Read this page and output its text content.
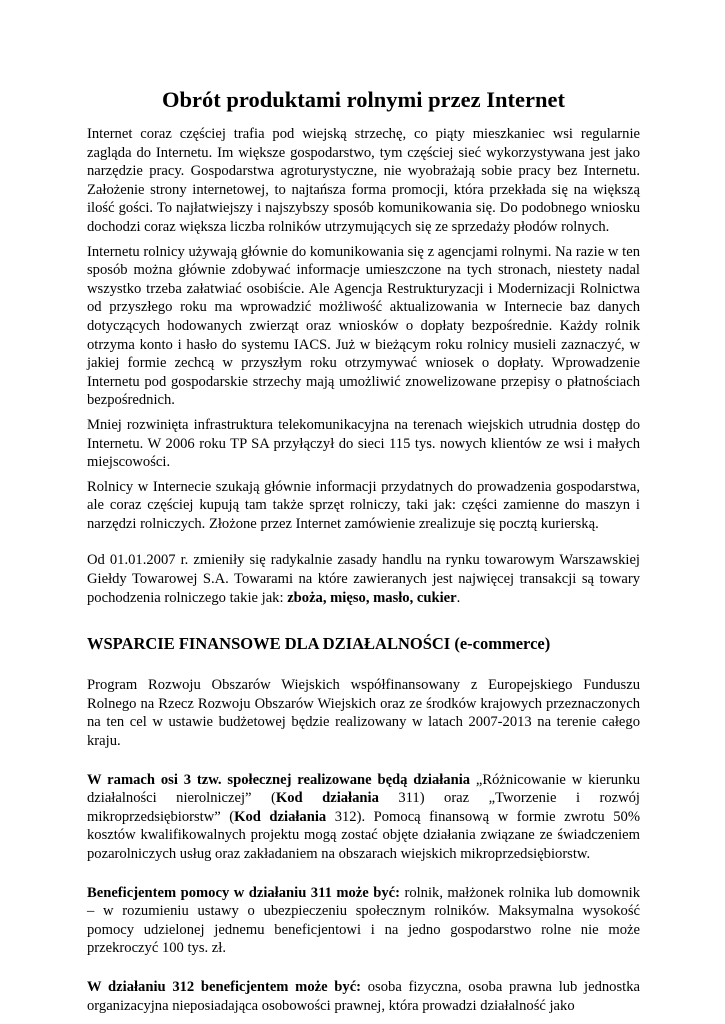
Obrót produktami rolnymi przez Internet

Internet coraz częściej trafia pod wiejską strzechę, co piąty mieszkaniec wsi regularnie zagląda do Internetu. Im większe gospodarstwo, tym częściej sieć wykorzystywana jest jako narzędzie pracy. Gospodarstwa agroturystyczne, nie wyobrażają sobie pracy bez Internetu. Założenie strony internetowej, to najtańsza forma promocji, która przekłada się na większą ilość gości. To najłatwiejszy i najszybszy sposób komunikowania się. Do podobnego wniosku dochodzi coraz większa liczba rolników utrzymujących się ze sprzedaży płodów rolnych.

Internetu rolnicy używają głównie do komunikowania się z agencjami rolnymi. Na razie w ten sposób można głównie zdobywać informacje umieszczone na tych stronach, niestety nadal wszystko trzeba załatwiać osobiście. Ale Agencja Restrukturyzacji i Modernizacji Rolnictwa od przyszłego roku ma wprowadzić możliwość aktualizowania w Internecie baz danych dotyczących hodowanych zwierząt oraz wniosków o dopłaty bezpośrednie. Każdy rolnik otrzyma konto i hasło do systemu IACS. Już w bieżącym roku rolnicy musieli zaznaczyć, w jakiej formie zechcą w przyszłym roku otrzymywać wniosek o dopłaty. Wprowadzenie Internetu pod gospodarskie strzechy mają umożliwić znowelizowane przepisy o płatnościach bezpośrednich.

Mniej rozwinięta infrastruktura telekomunikacyjna na terenach wiejskich utrudnia dostęp do Internetu. W 2006 roku TP SA przyłączył do sieci 115 tys. nowych klientów ze wsi i małych miejscowości.

Rolnicy w Internecie szukają głównie informacji przydatnych do prowadzenia gospodarstwa, ale coraz częściej kupują tam także sprzęt rolniczy, taki jak: części zamienne do maszyn i narzędzi rolniczych. Złożone przez Internet zamówienie zrealizuje się pocztą kurierską.

Od 01.01.2007 r. zmieniły się radykalnie zasady handlu na rynku towarowym Warszawskiej Giełdy Towarowej S.A. Towarami na które zawieranych jest najwięcej transakcji są towary pochodzenia rolniczego takie jak: zboża, mięso, masło, cukier.

WSPARCIE FINANSOWE DLA DZIAŁALNOŚCI (e-commerce)

Program Rozwoju Obszarów Wiejskich współfinansowany z Europejskiego Funduszu Rolnego na Rzecz Rozwoju Obszarów Wiejskich oraz ze środków krajowych przeznaczonych na ten cel w ustawie budżetowej będzie realizowany w latach 2007-2013 na terenie całego kraju.

W ramach osi 3 tzw. społecznej realizowane będą działania „Różnicowanie w kierunku działalności nierolniczej” (Kod działania 311) oraz „Tworzenie i rozwój mikroprzedsiębiorstw” (Kod działania 312). Pomocą finansową w formie zwrotu 50% kosztów kwalifikowalnych projektu mogą zostać objęte działania związane ze świadczeniem pozarolniczych usług oraz zakładaniem na obszarach wiejskich mikroprzedsiębiorstw.

Beneficjentem pomocy w działaniu 311 może być: rolnik, małżonek rolnika lub domownik – w rozumieniu ustawy o ubezpieczeniu społecznym rolników. Maksymalna wysokość pomocy udzielonej jednemu beneficjentowi i na jedno gospodarstwo rolne nie może przekroczyć 100 tys. zł.

W działaniu 312 beneficjentem może być: osoba fizyczna, osoba prawna lub jednostka organizacyjna nieposiadająca osobowości prawnej, która prowadzi działalność jako
